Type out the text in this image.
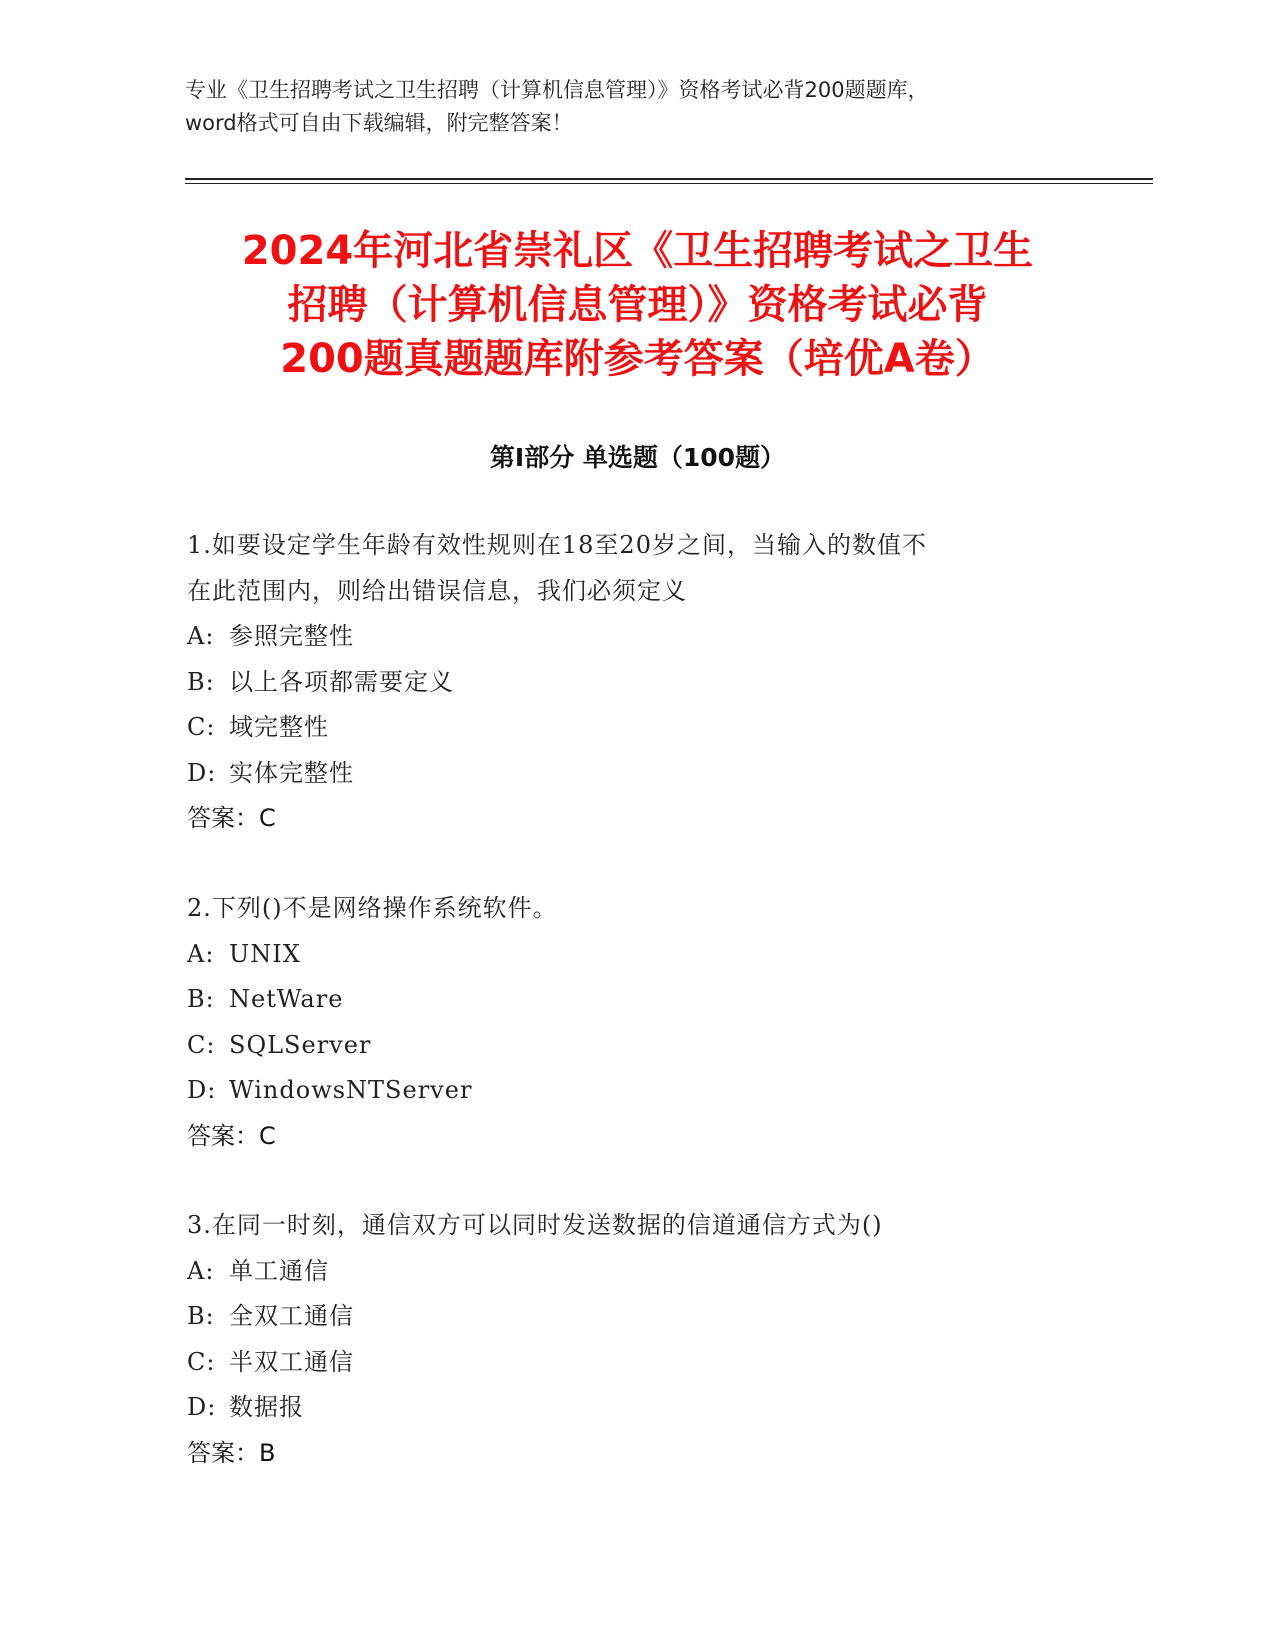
专业《卫生招聘考试之卫生招聘（计算机信息管理）》资格考试必背200题题库，
word格式可自由下载编辑，附完整答案！
2024年河北省崇礼区《卫生招聘考试之卫生
招聘（计算机信息管理）》资格考试必背
200题真题题库附参考答案（培优A卷）
第I部分 单选题（100题）
1.如要设定学生年龄有效性规则在18至20岁之间，当输入的数值不
在此范围内，则给出错误信息，我们必须定义
A: 参照完整性
B: 以上各项都需要定义
C: 域完整性
D: 实体完整性
答案：C
2.下列()不是网络操作系统软件。
A: UNIX
B: NetWare
C: SQLServer
D: WindowsNTServer
答案：C
3.在同一时刻，通信双方可以同时发送数据的信道通信方式为()
A: 单工通信
B: 全双工通信
C: 半双工通信
D: 数据报
答案：B
